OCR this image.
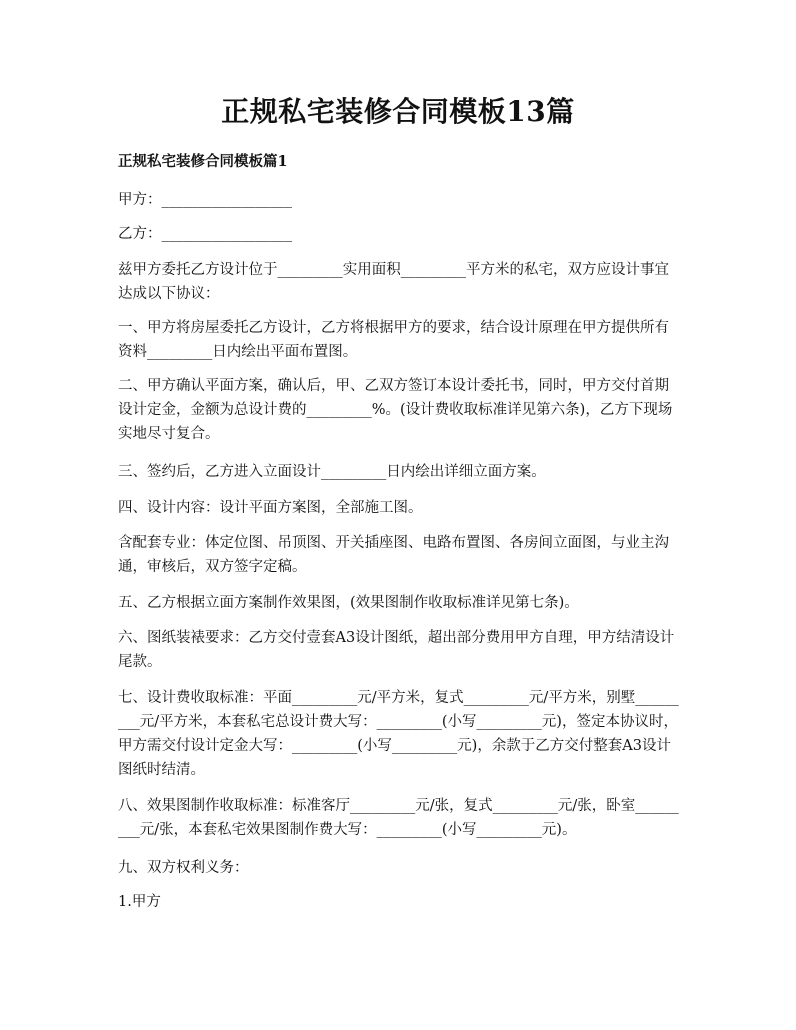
正规私宅装修合同模板13篇
正规私宅装修合同模板篇1
甲方：__________________
乙方：__________________
兹甲方委托乙方设计位于_________实用面积_________平方米的私宅，双方应设计事宜达成以下协议：
一、甲方将房屋委托乙方设计，乙方将根据甲方的要求，结合设计原理在甲方提供所有资料_________日内绘出平面布置图。
二、甲方确认平面方案，确认后，甲、乙双方签订本设计委托书，同时，甲方交付首期设计定金，金额为总设计费的_________%。(设计费收取标准详见第六条)，乙方下现场实地尽寸复合。
三、签约后，乙方进入立面设计_________日内绘出详细立面方案。
四、设计内容：设计平面方案图，全部施工图。
含配套专业：体定位图、吊顶图、开关插座图、电路布置图、各房间立面图，与业主沟通，审核后，双方签字定稿。
五、乙方根据立面方案制作效果图，(效果图制作收取标准详见第七条)。
六、图纸装裱要求：乙方交付壹套A3设计图纸，超出部分费用甲方自理，甲方结清设计尾款。
七、设计费收取标准：平面_________元/平方米，复式_________元/平方米，别墅_________元/平方米，本套私宅总设计费大写：_________(小写_________元)，签定本协议时，甲方需交付设计定金大写：_________(小写_________元)，余款于乙方交付整套A3设计图纸时结清。
八、效果图制作收取标准：标准客厅_________元/张，复式_________元/张，卧室_________元/张，本套私宅效果图制作费大写：_________(小写_________元)。
九、双方权利义务：
1.甲方
